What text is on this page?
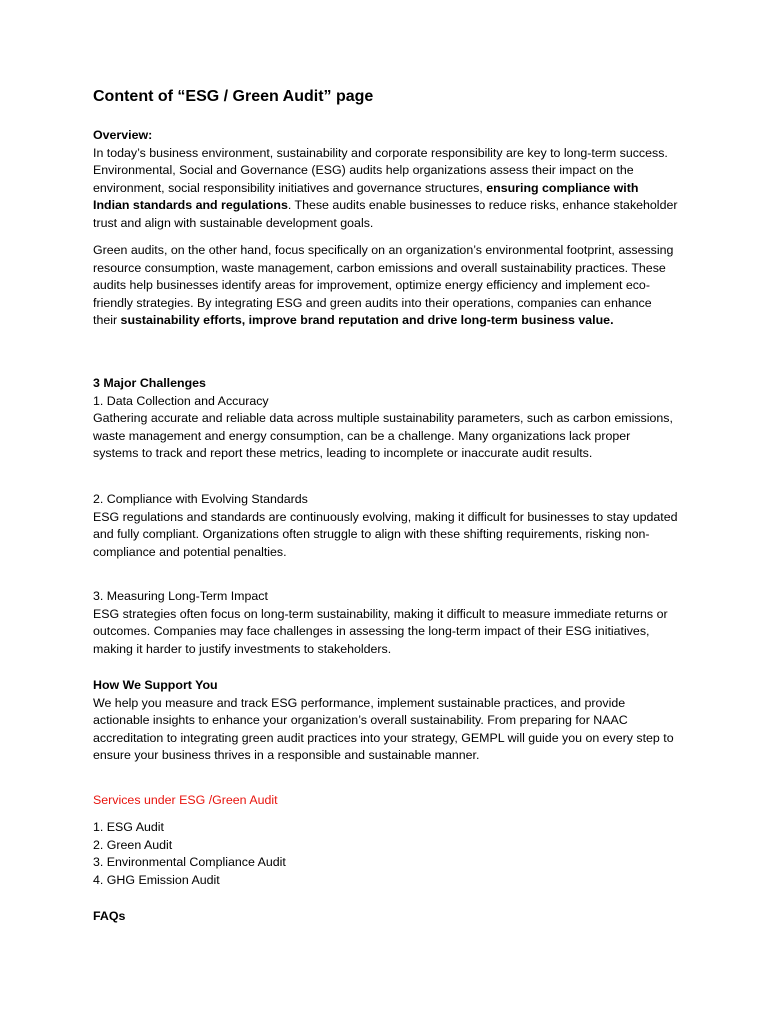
Content of “ESG / Green Audit” page

Overview:
In today’s business environment, sustainability and corporate responsibility are key to long-term success. Environmental, Social and Governance (ESG) audits help organizations assess their impact on the environment, social responsibility initiatives and governance structures, ensuring compliance with Indian standards and regulations. These audits enable businesses to reduce risks, enhance stakeholder trust and align with sustainable development goals.

Green audits, on the other hand, focus specifically on an organization’s environmental footprint, assessing resource consumption, waste management, carbon emissions and overall sustainability practices. These audits help businesses identify areas for improvement, optimize energy efficiency and implement eco-friendly strategies. By integrating ESG and green audits into their operations, companies can enhance their sustainability efforts, improve brand reputation and drive long-term business value.

3 Major Challenges
1. Data Collection and Accuracy
Gathering accurate and reliable data across multiple sustainability parameters, such as carbon emissions, waste management and energy consumption, can be a challenge. Many organizations lack proper systems to track and report these metrics, leading to incomplete or inaccurate audit results.

2. Compliance with Evolving Standards
ESG regulations and standards are continuously evolving, making it difficult for businesses to stay updated and fully compliant. Organizations often struggle to align with these shifting requirements, risking non-compliance and potential penalties.

3. Measuring Long-Term Impact
ESG strategies often focus on long-term sustainability, making it difficult to measure immediate returns or outcomes. Companies may face challenges in assessing the long-term impact of their ESG initiatives, making it harder to justify investments to stakeholders.

How We Support You
We help you measure and track ESG performance, implement sustainable practices, and provide actionable insights to enhance your organization’s overall sustainability. From preparing for NAAC accreditation to integrating green audit practices into your strategy, GEMPL will guide you on every step to ensure your business thrives in a responsible and sustainable manner.

Services under ESG /Green Audit

1. ESG Audit
2. Green Audit
3. Environmental Compliance Audit
4. GHG Emission Audit

FAQs
